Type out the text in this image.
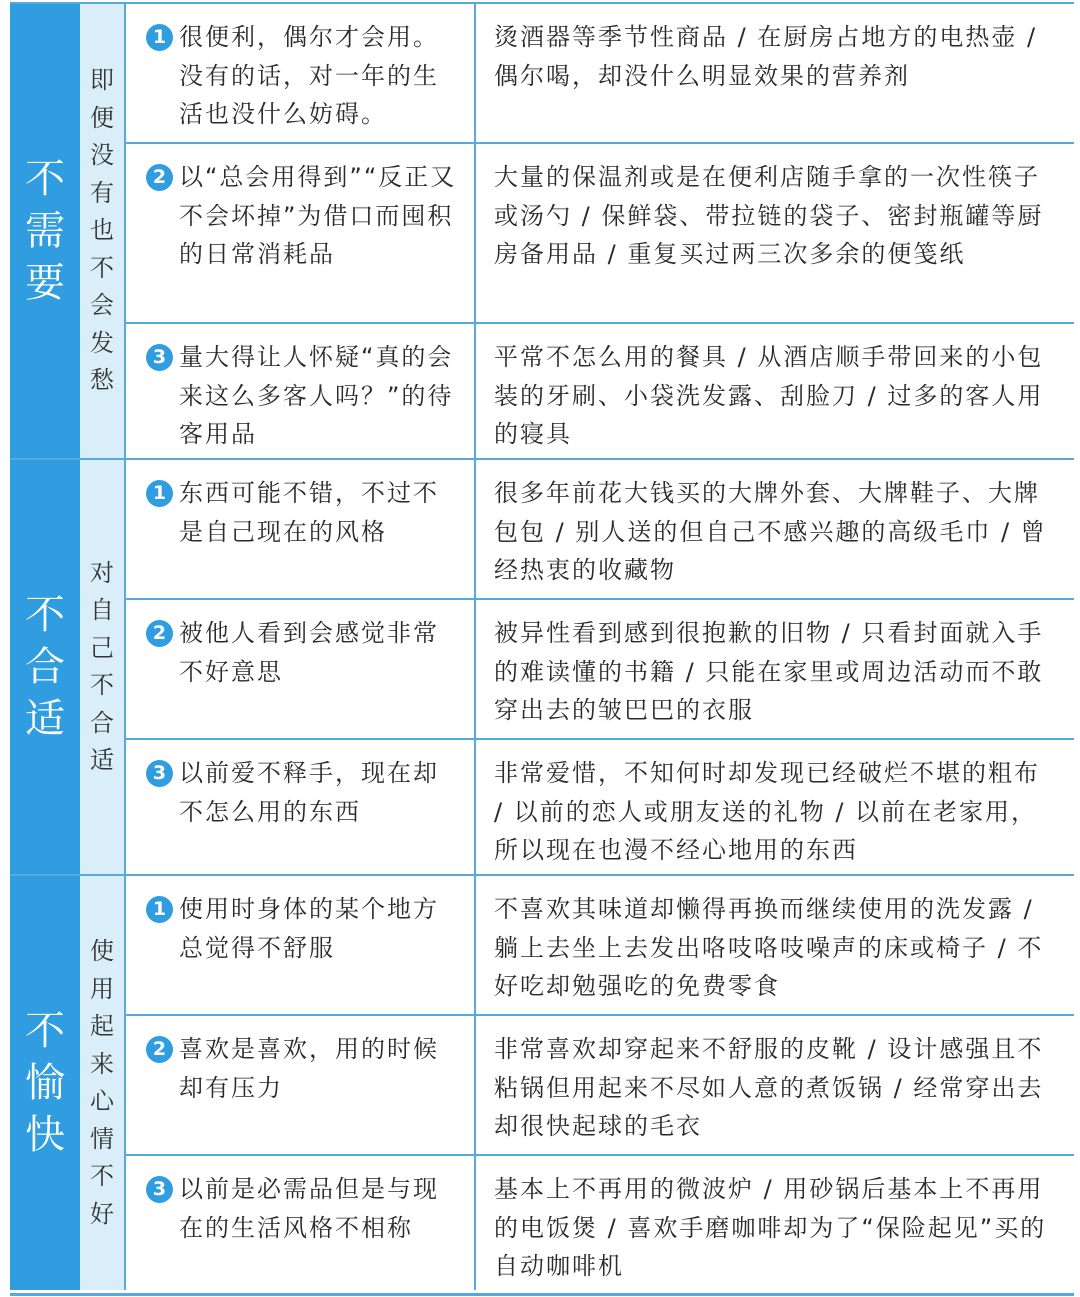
不需要
即便没有也不会发愁
1 很便利，偶尔才会用。没有的话，对一年的生活也没什么妨碍。
烫酒器等季节性商品 / 在厨房占地方的电热壶 / 偶尔喝，却没什么明显效果的营养剂
2 以“总会用得到”“反正又不会坏掉”为借口而囤积的日常消耗品
大量的保温剂或是在便利店随手拿的一次性筷子或汤勺 / 保鲜袋、带拉链的袋子、密封瓶罐等厨房备用品 / 重复买过两三次多余的便笺纸
3 量大得让人怀疑“真的会来这么多客人吗？”的待客用品
平常不怎么用的餐具 / 从酒店顺手带回来的小包装的牙刷、小袋洗发露、刮脸刀 / 过多的客人用的寝具
不合适
对自己不合适
1 东西可能不错，不过不是自己现在的风格
很多年前花大钱买的大牌外套、大牌鞋子、大牌包包 / 别人送的但自己不感兴趣的高级毛巾 / 曾经热衷的收藏物
2 被他人看到会感觉非常不好意思
被异性看到感到很抱歉的旧物 / 只看封面就入手的难读懂的书籍 / 只能在家里或周边活动而不敢穿出去的皱巴巴的衣服
3 以前爱不释手，现在却不怎么用的东西
非常爱惜，不知何时却发现已经破烂不堪的粗布 / 以前的恋人或朋友送的礼物 / 以前在老家用，所以现在也漫不经心地用的东西
不愉快
使用起来心情不好
1 使用时身体的某个地方总觉得不舒服
不喜欢其味道却懒得再换而继续使用的洗发露 / 躺上去坐上去发出咯吱咯吱噪声的床或椅子 / 不好吃却勉强吃的免费零食
2 喜欢是喜欢，用的时候却有压力
非常喜欢却穿起来不舒服的皮靴 / 设计感强且不粘锅但用起来不尽如人意的煮饭锅 / 经常穿出去却很快起球的毛衣
3 以前是必需品但是与现在的生活风格不相称
基本上不再用的微波炉 / 用砂锅后基本上不再用的电饭煲 / 喜欢手磨咖啡却为了“保险起见”买的自动咖啡机
